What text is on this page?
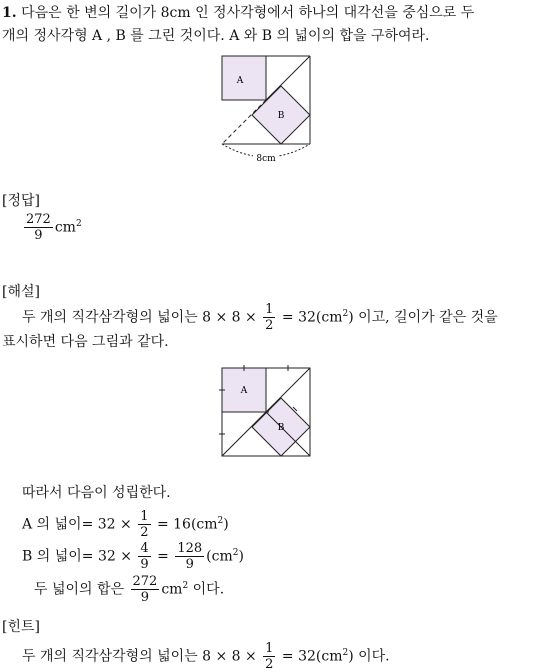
1. 다음은 한 변의 길이가 8cm 인 정사각형에서 하나의 대각선을 중심으로 두
개의 정사각형 A , B 를 그린 것이다. A 와 B 의 넓이의 합을 구하여라.
A
B
8cm
[정답]
$\frac{272}{9} cm^2$
[해설]
두 개의 직각삼각형의 넓이는 $8 \times 8 \times \frac{1}{2} = 32(cm^2)$ 이고, 길이가 같은 것을
표시하면 다음 그림과 같다.
A
B
따라서 다음이 성립한다.
A 의 넓이= $32 \times \frac{1}{2} = 16(cm^2)$
B 의 넓이= $32 \times \frac{4}{9} = \frac{128}{9} (cm^2)$
두 넓이의 합은 $\frac{272}{9} cm^2$ 이다.
[힌트]
두 개의 직각삼각형의 넓이는 $8 \times 8 \times \frac{1}{2} = 32(cm^2)$ 이다.
